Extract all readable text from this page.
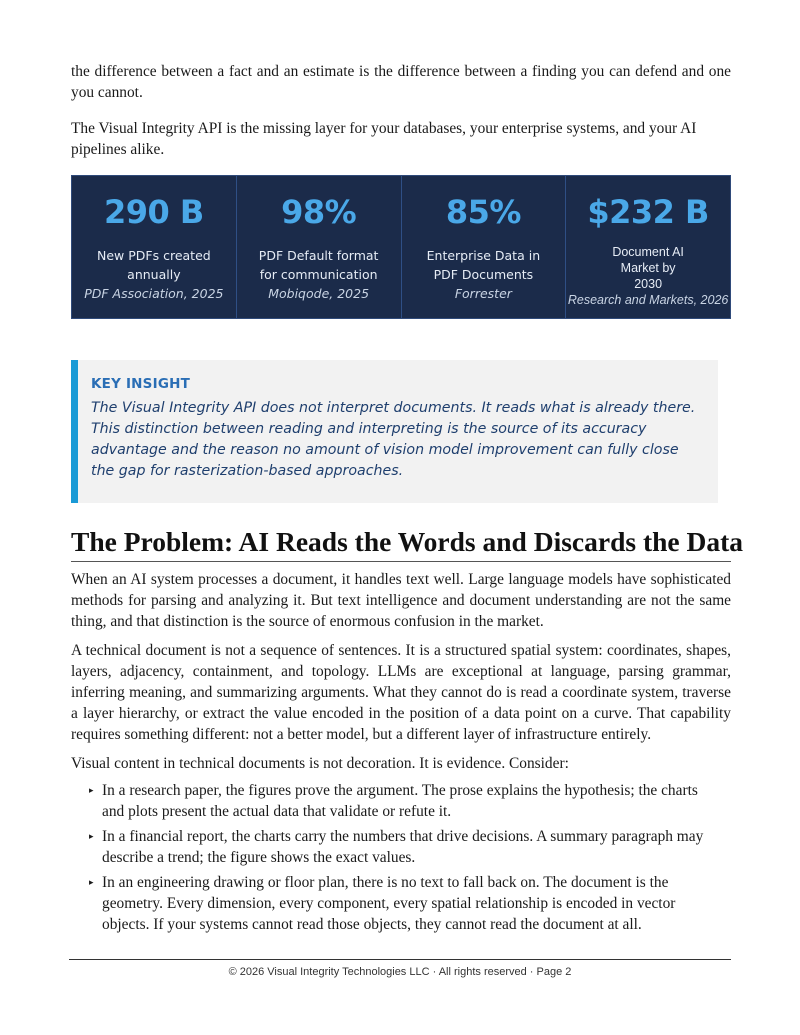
the difference between a fact and an estimate is the difference between a finding you can defend and one you cannot.

The Visual Integrity API is the missing layer for your databases, your enterprise systems, and your AI pipelines alike.

290 B
New PDFs created annually
PDF Association, 2025
98%
PDF Default format for communication
Mobiqode, 2025
85%
Enterprise Data in PDF Documents
Forrester
$232 B
Document AI Market by 2030
Research and Markets, 2026
KEY INSIGHT
The Visual Integrity API does not interpret documents. It reads what is already there. This distinction between reading and interpreting is the source of its accuracy advantage and the reason no amount of vision model improvement can fully close the gap for rasterization-based approaches.
The Problem: AI Reads the Words and Discards the Data

When an AI system processes a document, it handles text well. Large language models have sophisticated methods for parsing and analyzing it. But text intelligence and document understanding are not the same thing, and that distinction is the source of enormous confusion in the market.

A technical document is not a sequence of sentences. It is a structured spatial system: coordinates, shapes, layers, adjacency, containment, and topology. LLMs are exceptional at language, parsing grammar, inferring meaning, and summarizing arguments. What they cannot do is read a coordinate system, traverse a layer hierarchy, or extract the value encoded in the position of a data point on a curve. That capability requires something different: not a better model, but a different layer of infrastructure entirely.

Visual content in technical documents is not decoration. It is evidence. Consider:

▸ In a research paper, the figures prove the argument. The prose explains the hypothesis; the charts and plots present the actual data that validate or refute it.
▸ In a financial report, the charts carry the numbers that drive decisions. A summary paragraph may describe a trend; the figure shows the exact values.
▸ In an engineering drawing or floor plan, there is no text to fall back on. The document is the geometry. Every dimension, every component, every spatial relationship is encoded in vector objects. If your systems cannot read those objects, they cannot read the document at all.
© 2026 Visual Integrity Technologies LLC · All rights reserved · Page 2
